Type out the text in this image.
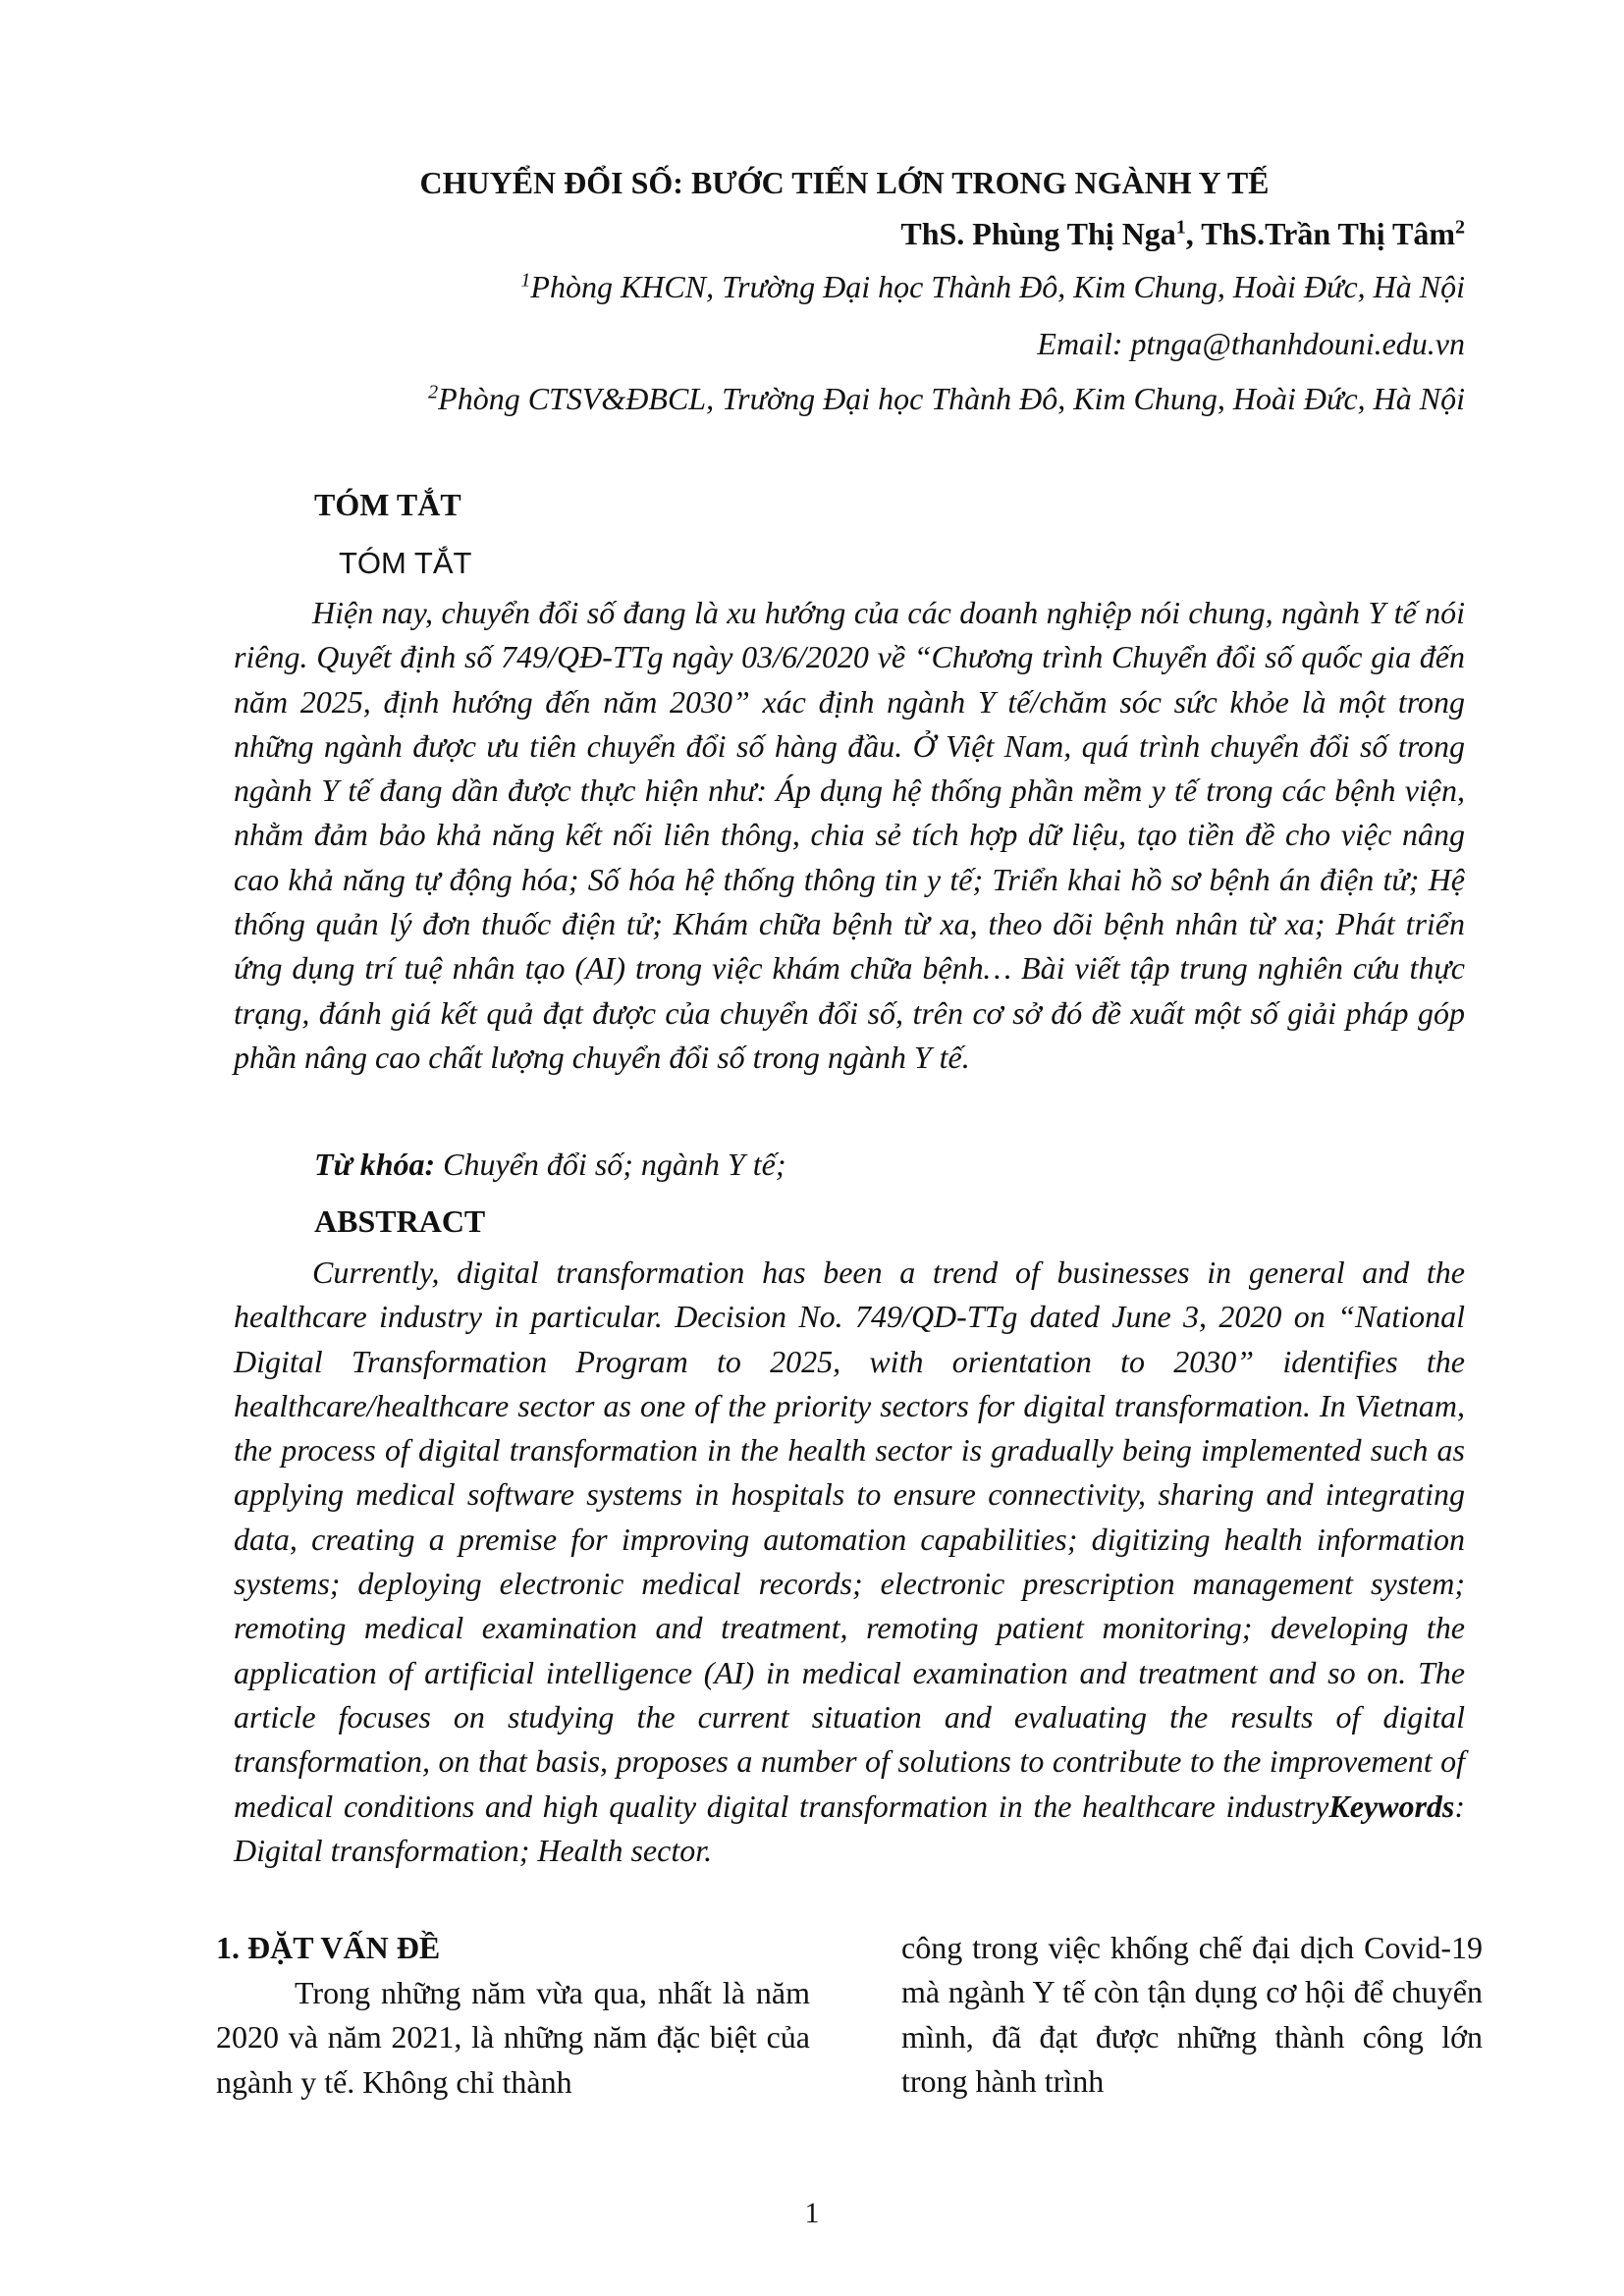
CHUYỂN ĐỔI SỐ: BƯỚC TIẾN LỚN TRONG NGÀNH Y TẾ
ThS. Phùng Thị Nga$^1$, ThS.Trần Thị Tâm$^2$
$^1$Phòng KHCN, Trường Đại học Thành Đô, Kim Chung, Hoài Đức, Hà Nội
Email: ptnga@thanhdouni.edu.vn
$^2$Phòng CTSV&ĐBCL, Trường Đại học Thành Đô, Kim Chung, Hoài Đức, Hà Nội
TÓM TẮT
TÓM TẮT

Hiện nay, chuyển đổi số đang là xu hướng của các doanh nghiệp nói chung, ngành Y tế nói riêng. Quyết định số 749/QĐ-TTg ngày 03/6/2020 về “Chương trình Chuyển đổi số quốc gia đến năm 2025, định hướng đến năm 2030” xác định ngành Y tế/chăm sóc sức khỏe là một trong những ngành được ưu tiên chuyển đổi số hàng đầu. Ở Việt Nam, quá trình chuyển đổi số trong ngành Y tế đang dần được thực hiện như: Áp dụng hệ thống phần mềm y tế trong các bệnh viện, nhằm đảm bảo khả năng kết nối liên thông, chia sẻ tích hợp dữ liệu, tạo tiền đề cho việc nâng cao khả năng tự động hóa; Số hóa hệ thống thông tin y tế; Triển khai hồ sơ bệnh án điện tử; Hệ thống quản lý đơn thuốc điện tử; Khám chữa bệnh từ xa, theo dõi bệnh nhân từ xa; Phát triển ứng dụng trí tuệ nhân tạo (AI) trong việc khám chữa bệnh… Bài viết tập trung nghiên cứu thực trạng, đánh giá kết quả đạt được của chuyển đổi số, trên cơ sở đó đề xuất một số giải pháp góp phần nâng cao chất lượng chuyển đổi số trong ngành Y tế.

Từ khóa: Chuyển đổi số; ngành Y tế;
ABSTRACT

Currently, digital transformation has been a trend of businesses in general and the healthcare industry in particular. Decision No. 749/QD-TTg dated June 3, 2020 on “National Digital Transformation Program to 2025, with orientation to 2030” identifies the healthcare/healthcare sector as one of the priority sectors for digital transformation. In Vietnam, the process of digital transformation in the health sector is gradually being implemented such as applying medical software systems in hospitals to ensure connectivity, sharing and integrating data, creating a premise for improving automation capabilities; digitizing health information systems; deploying electronic medical records; electronic prescription management system; remoting medical examination and treatment, remoting patient monitoring; developing the application of artificial intelligence (AI) in medical examination and treatment and so on. The article focuses on studying the current situation and evaluating the results of digital transformation, on that basis, proposes a number of solutions to contribute to the improvement of medical conditions and high quality digital transformation in the healthcare industryKeywords: Digital transformation; Health sector.

1. ĐẶT VẤN ĐỀ

Trong những năm vừa qua, nhất là năm 2020 và năm 2021, là những năm đặc biệt của ngành y tế. Không chỉ thành

công trong việc khống chế đại dịch Covid-19 mà ngành Y tế còn tận dụng cơ hội để chuyển mình, đã đạt được những thành công lớn trong hành trình

1
